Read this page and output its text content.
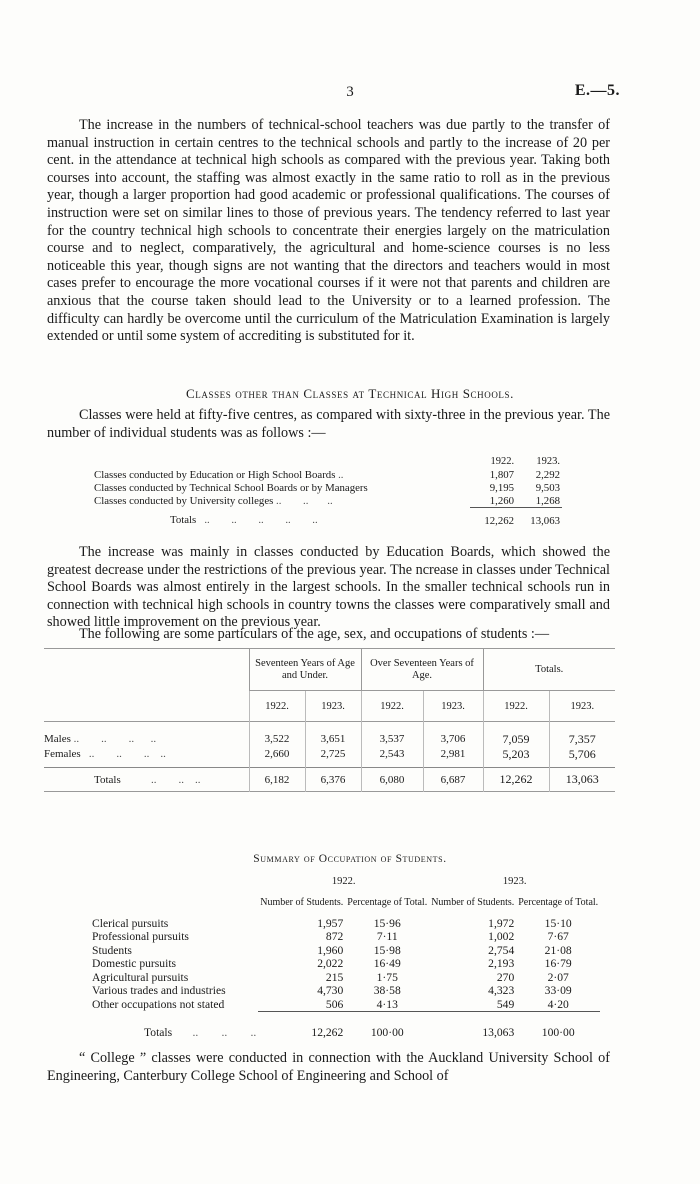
3	E.—5.

The increase in the numbers of technical-school teachers was due partly to the transfer of manual instruction in certain centres to the technical schools and partly to the increase of 20 per cent. in the attendance at technical high schools as compared with the previous year. Taking both courses into account, the staffing was almost exactly in the same ratio to roll as in the previous year, though a larger proportion had good academic or professional qualifications. The courses of instruction were set on similar lines to those of previous years. The tendency referred to last year for the country technical high schools to concentrate their energies largely on the matriculation course and to neglect, comparatively, the agricultural and home-science courses is no less noticeable this year, though signs are not wanting that the directors and teachers would in most cases prefer to encourage the more vocational courses if it were not that parents and children are anxious that the course taken should lead to the University or to a learned profession. The difficulty can hardly be overcome until the curriculum of the Matriculation Examination is largely extended or until some system of accrediting is substituted for it.

Classes other than Classes at Technical High Schools.

Classes were held at fifty-five centres, as compared with sixty-three in the previous year. The number of individual students was as follows :—

	1922.	1923.
Classes conducted by Education or High School Boards ..	1,807	2,292
Classes conducted by Technical School Boards or by Managers	9,195	9,503
Classes conducted by University colleges ..        ..       ..	1,260	1,268
Totals   ..        ..        ..        ..        ..	12,262	13,063

The increase was mainly in classes conducted by Education Boards, which showed the greatest decrease under the restrictions of the previous year. The ncrease in classes under Technical School Boards was almost entirely in the largest schools. In the smaller technical schools run in connection with technical high schools in country towns the classes were comparatively small and showed little improvement on the previous year.

The following are some particulars of the age, sex, and occupations of students :—

	Seventeen Years of Age and Under.		Over Seventeen Years of Age.		Totals.	
	1922.	1923.	1922.	1923.	1922.	1923.

Males ..        ..        ..      ..	3,522	3,651	3,537	3,706	7,059	7,357
Females   ..        ..        ..    ..	2,660	2,725	2,543	2,981	5,203	5,706

Totals           ..        ..    ..	6,182	6,376	6,080	6,687	12,262	13,063
Summary of Occupation of Students.
	1922.		1923.	
	Number of Students.	Percentage of Total.	Number of Students.	Percentage of Total.
Clerical pursuits	1,957	15·96	1,972	15·10
Professional pursuits	872	7·11	1,002	7·67
Students	1,960	15·98	2,754	21·08
Domestic pursuits	2,022	16·49	2,193	16·79
Agricultural pursuits	215	1·75	270	2·07
Various trades and industries	4,730	38·58	4,323	33·09
Other occupations not stated	506	4·13	549	4·20

Totals       ..        ..        ..	12,262	100·00	13,063	100·00

“ College ” classes were conducted in connection with the Auckland University School of Engineering, Canterbury College School of Engineering and School of
